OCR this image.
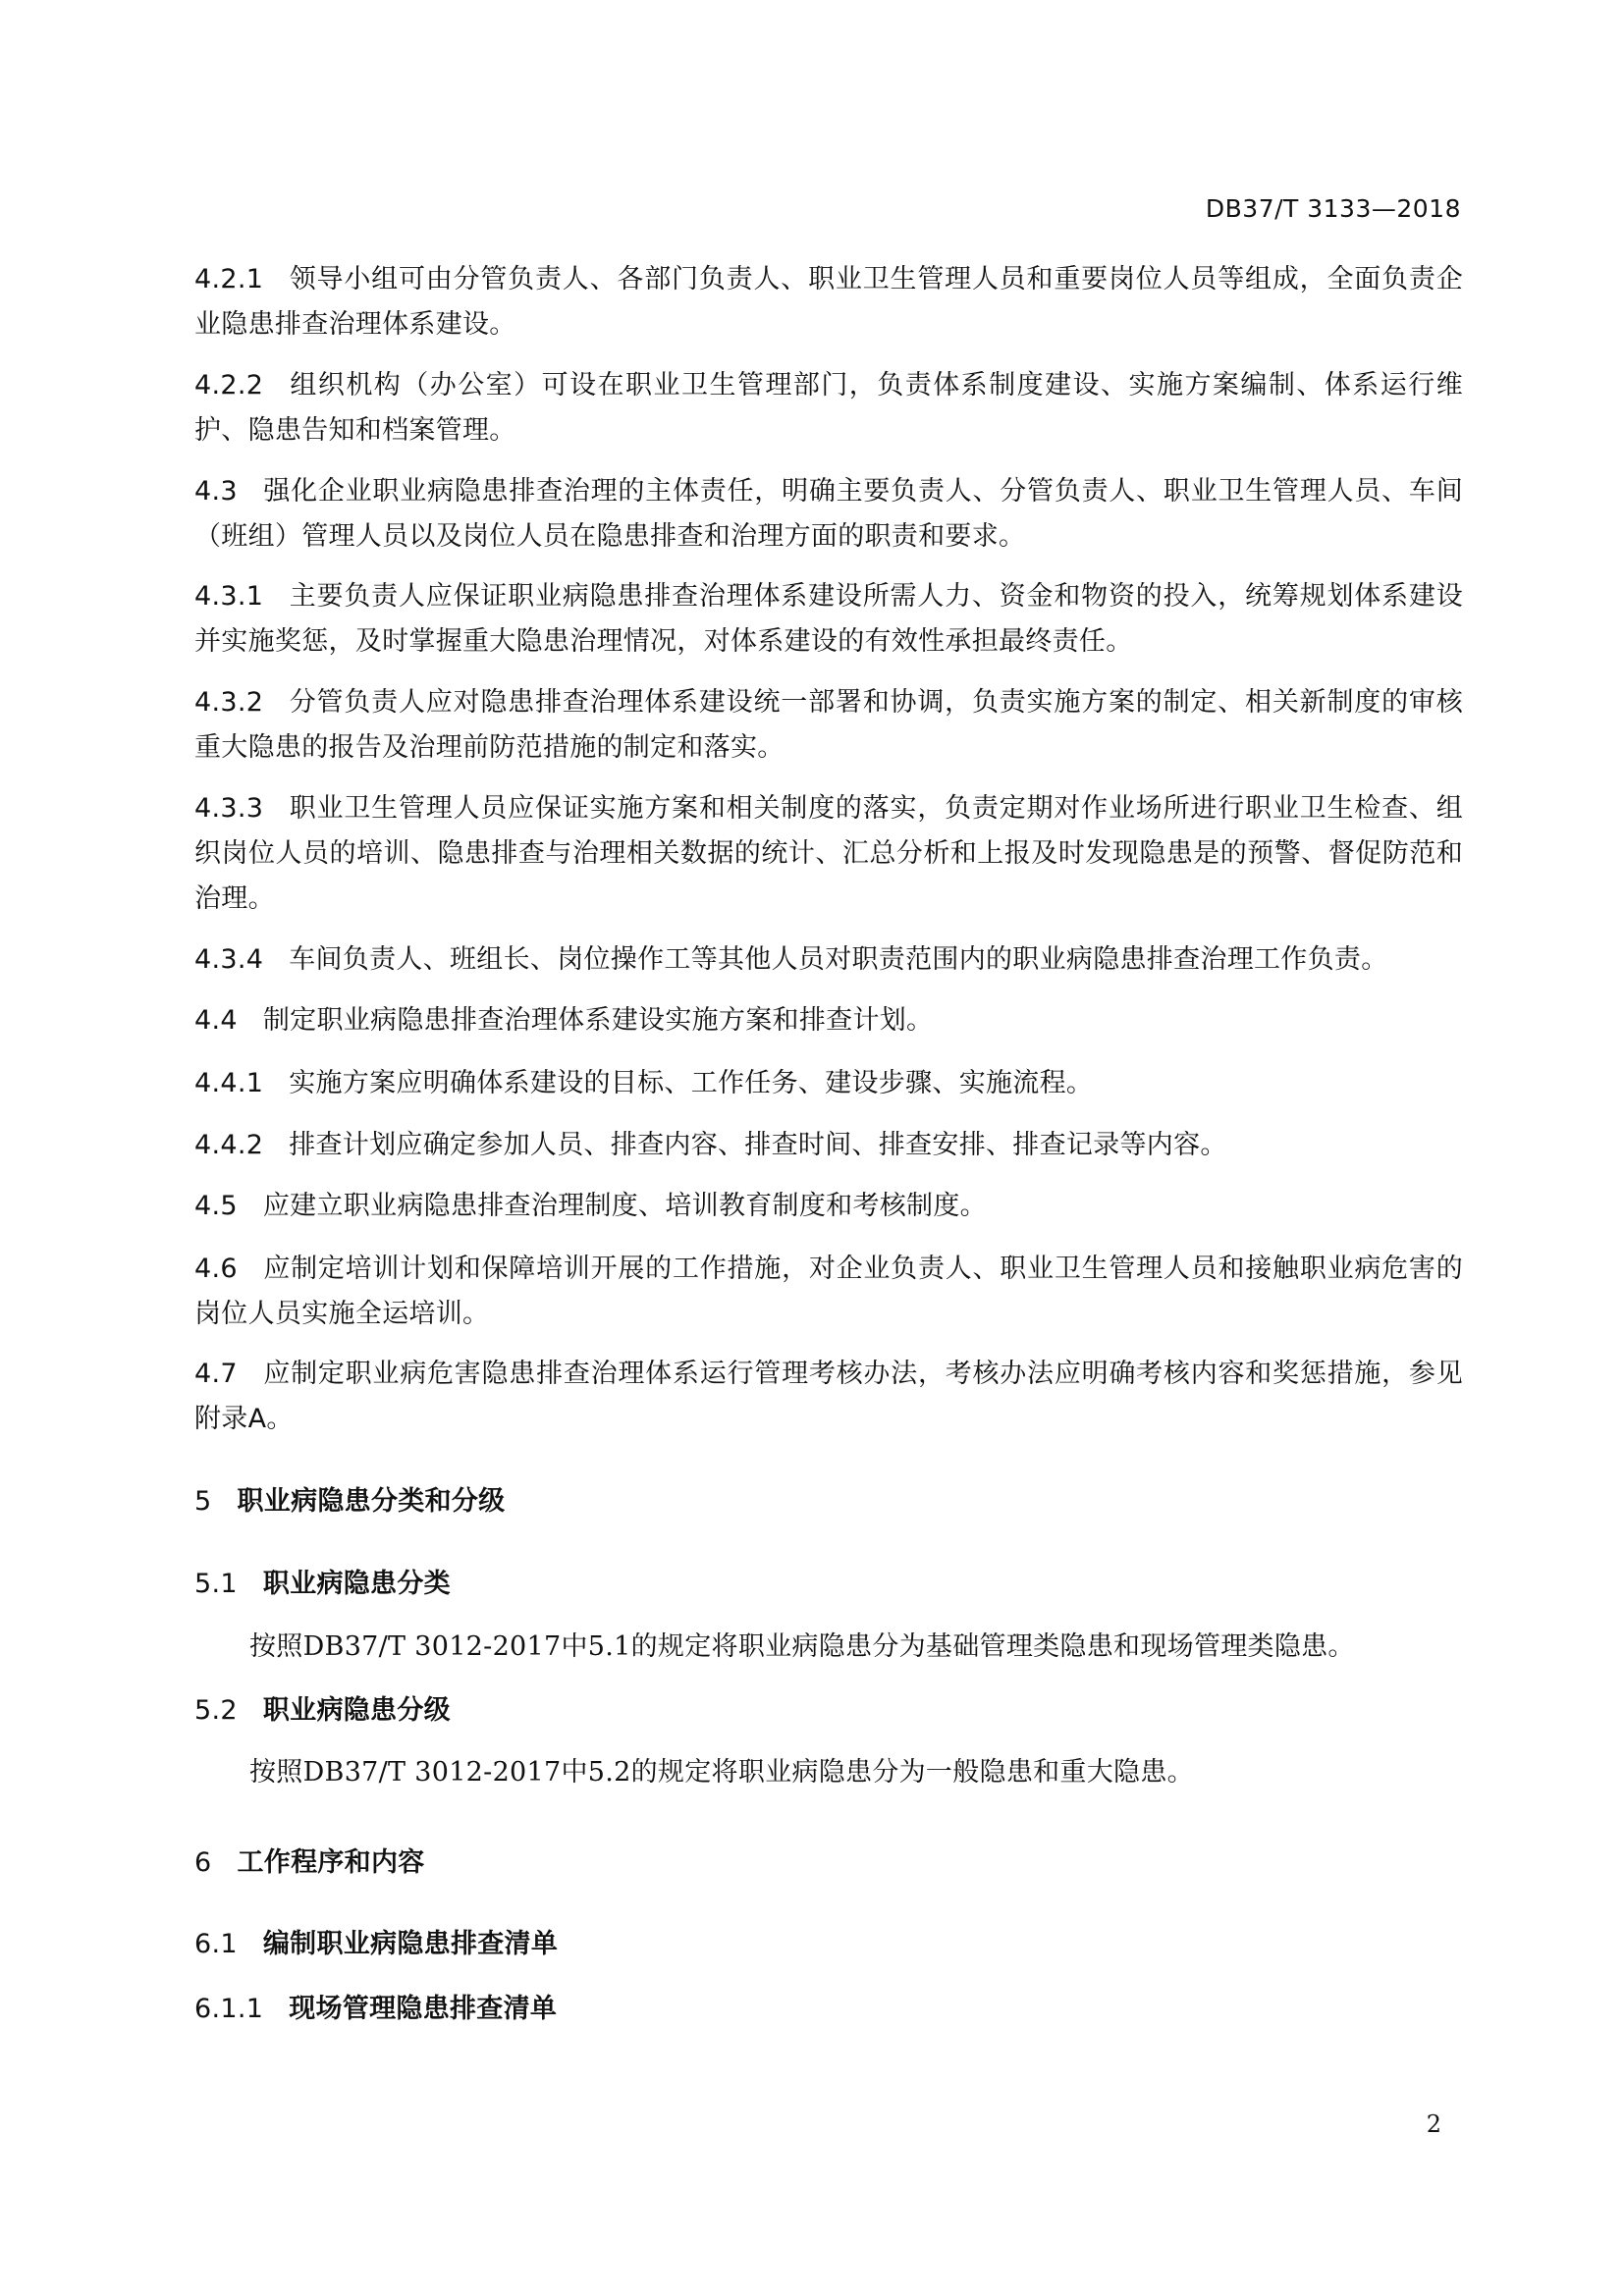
DB37/T 3133—2018
4.2.1 领导小组可由分管负责人、各部门负责人、职业卫生管理人员和重要岗位人员等组成，全面负责企业隐患排查治理体系建设。
4.2.2 组织机构（办公室）可设在职业卫生管理部门，负责体系制度建设、实施方案编制、体系运行维护、隐患告知和档案管理。
4.3 强化企业职业病隐患排查治理的主体责任，明确主要负责人、分管负责人、职业卫生管理人员、车间（班组）管理人员以及岗位人员在隐患排查和治理方面的职责和要求。
4.3.1 主要负责人应保证职业病隐患排查治理体系建设所需人力、资金和物资的投入，统筹规划体系建设并实施奖惩，及时掌握重大隐患治理情况，对体系建设的有效性承担最终责任。
4.3.2 分管负责人应对隐患排查治理体系建设统一部署和协调，负责实施方案的制定、相关新制度的审核重大隐患的报告及治理前防范措施的制定和落实。
4.3.3 职业卫生管理人员应保证实施方案和相关制度的落实，负责定期对作业场所进行职业卫生检查、组织岗位人员的培训、隐患排查与治理相关数据的统计、汇总分析和上报及时发现隐患是的预警、督促防范和治理。
4.3.4 车间负责人、班组长、岗位操作工等其他人员对职责范围内的职业病隐患排查治理工作负责。
4.4 制定职业病隐患排查治理体系建设实施方案和排查计划。
4.4.1 实施方案应明确体系建设的目标、工作任务、建设步骤、实施流程。
4.4.2 排查计划应确定参加人员、排查内容、排查时间、排查安排、排查记录等内容。
4.5 应建立职业病隐患排查治理制度、培训教育制度和考核制度。
4.6 应制定培训计划和保障培训开展的工作措施，对企业负责人、职业卫生管理人员和接触职业病危害的岗位人员实施全运培训。
4.7 应制定职业病危害隐患排查治理体系运行管理考核办法，考核办法应明确考核内容和奖惩措施，参见附录A。
5 职业病隐患分类和分级
5.1 职业病隐患分类
按照DB37/T 3012-2017中5.1的规定将职业病隐患分为基础管理类隐患和现场管理类隐患。
5.2 职业病隐患分级
按照DB37/T 3012-2017中5.2的规定将职业病隐患分为一般隐患和重大隐患。
6 工作程序和内容
6.1 编制职业病隐患排查清单
6.1.1 现场管理隐患排查清单
2
